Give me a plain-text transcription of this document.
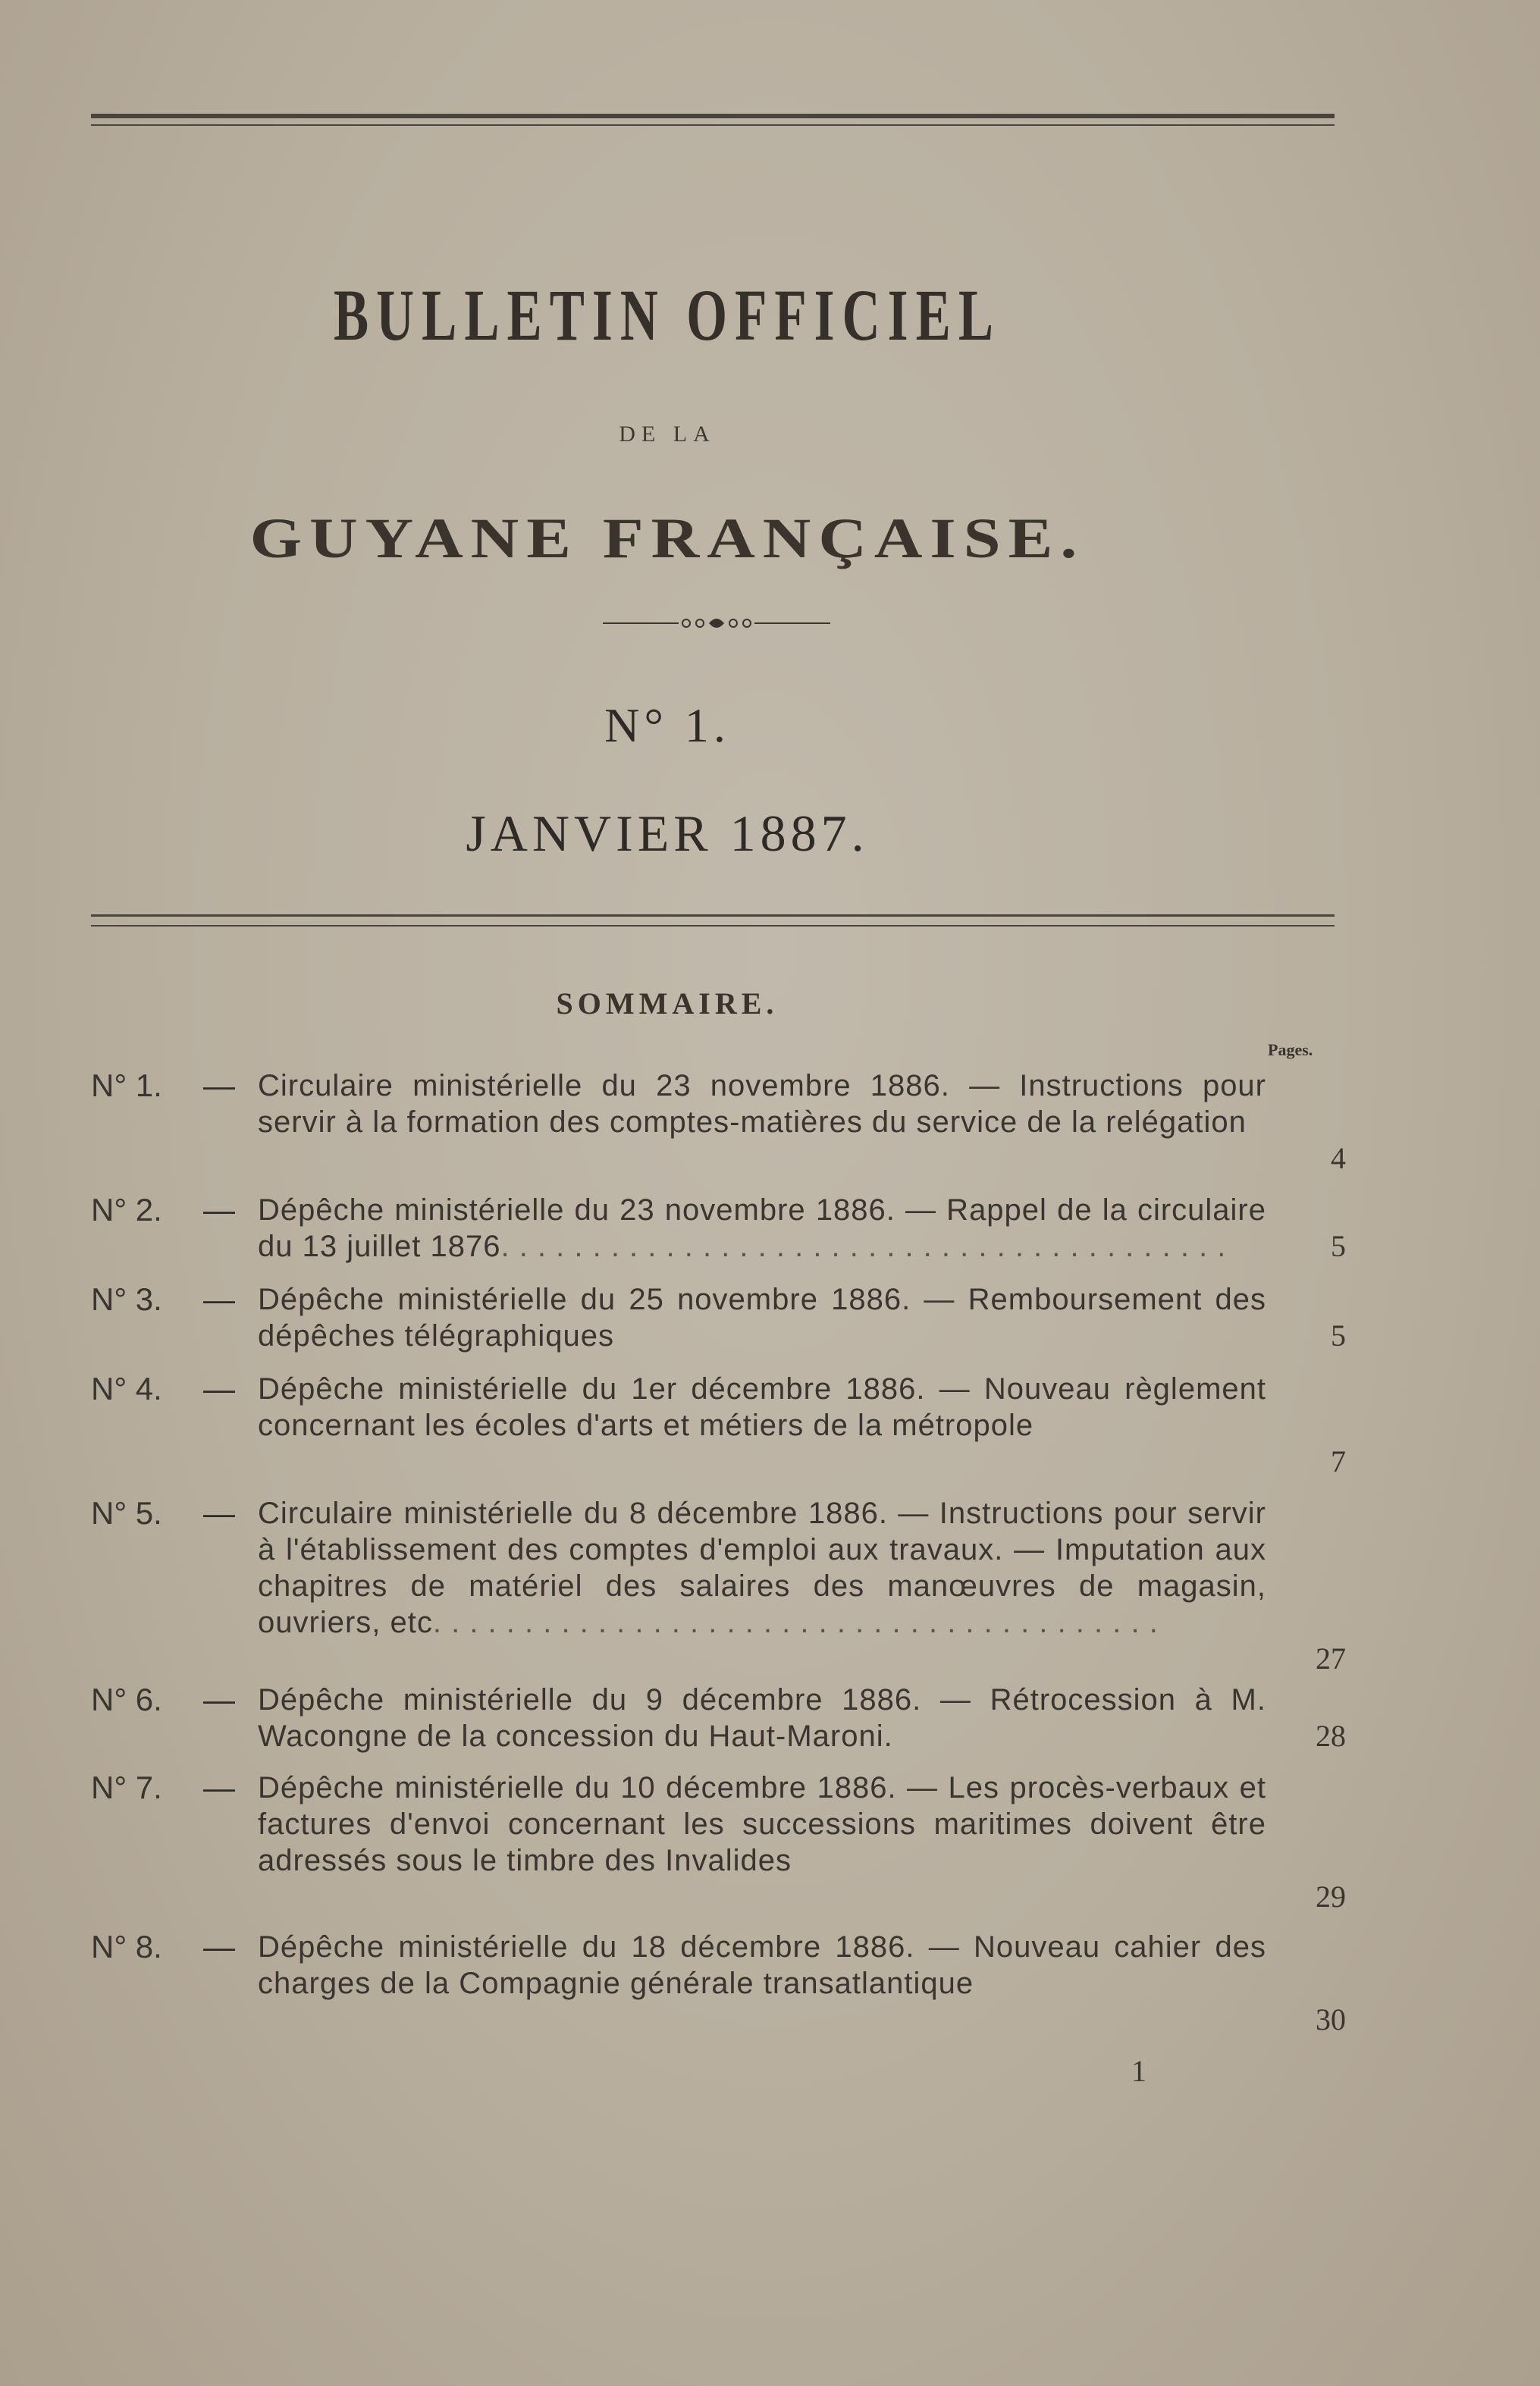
BULLETIN OFFICIEL
DE LA
GUYANE FRANÇAISE.
N° 1.
JANVIER 1887.
SOMMAIRE.
Pages.
N° 1. — Circulaire ministérielle du 23 novembre 1886. — Instructions pour servir à la formation des comptes-matières du service de la relégation
4
N° 2. — Dépêche ministérielle du 23 novembre 1886. — Rappel de la circulaire du 13 juillet 1876. . . . . . . . . . . . . . . . . . . . . . . . . . . . . . . . . . . . . . . .	5
N° 3. — Dépêche ministérielle du 25 novembre 1886. — Remboursement des dépêches télégraphiques	5
N° 4. — Dépêche ministérielle du 1er décembre 1886. — Nouveau règlement concernant les écoles d'arts et métiers de la métropole
7
N° 5. — Circulaire ministérielle du 8 décembre 1886. — Instructions pour servir à l'établissement des comptes d'emploi aux travaux. — Imputation aux chapitres de matériel des salaires des manœuvres de magasin, ouvriers, etc. . . . . . . . . . . . . . . . . . . . . . . . . . . . . . . . . . . . . . . .
27
N° 6. — Dépêche ministérielle du 9 décembre 1886. — Rétrocession à M. Wacongne de la concession du Haut-Maroni.	28
N° 7. — Dépêche ministérielle du 10 décembre 1886. — Les procès-verbaux et factures d'envoi concernant les successions maritimes doivent être adressés sous le timbre des Invalides
29
N° 8. — Dépêche ministérielle du 18 décembre 1886. — Nouveau cahier des charges de la Compagnie générale transatlantique
30
1
